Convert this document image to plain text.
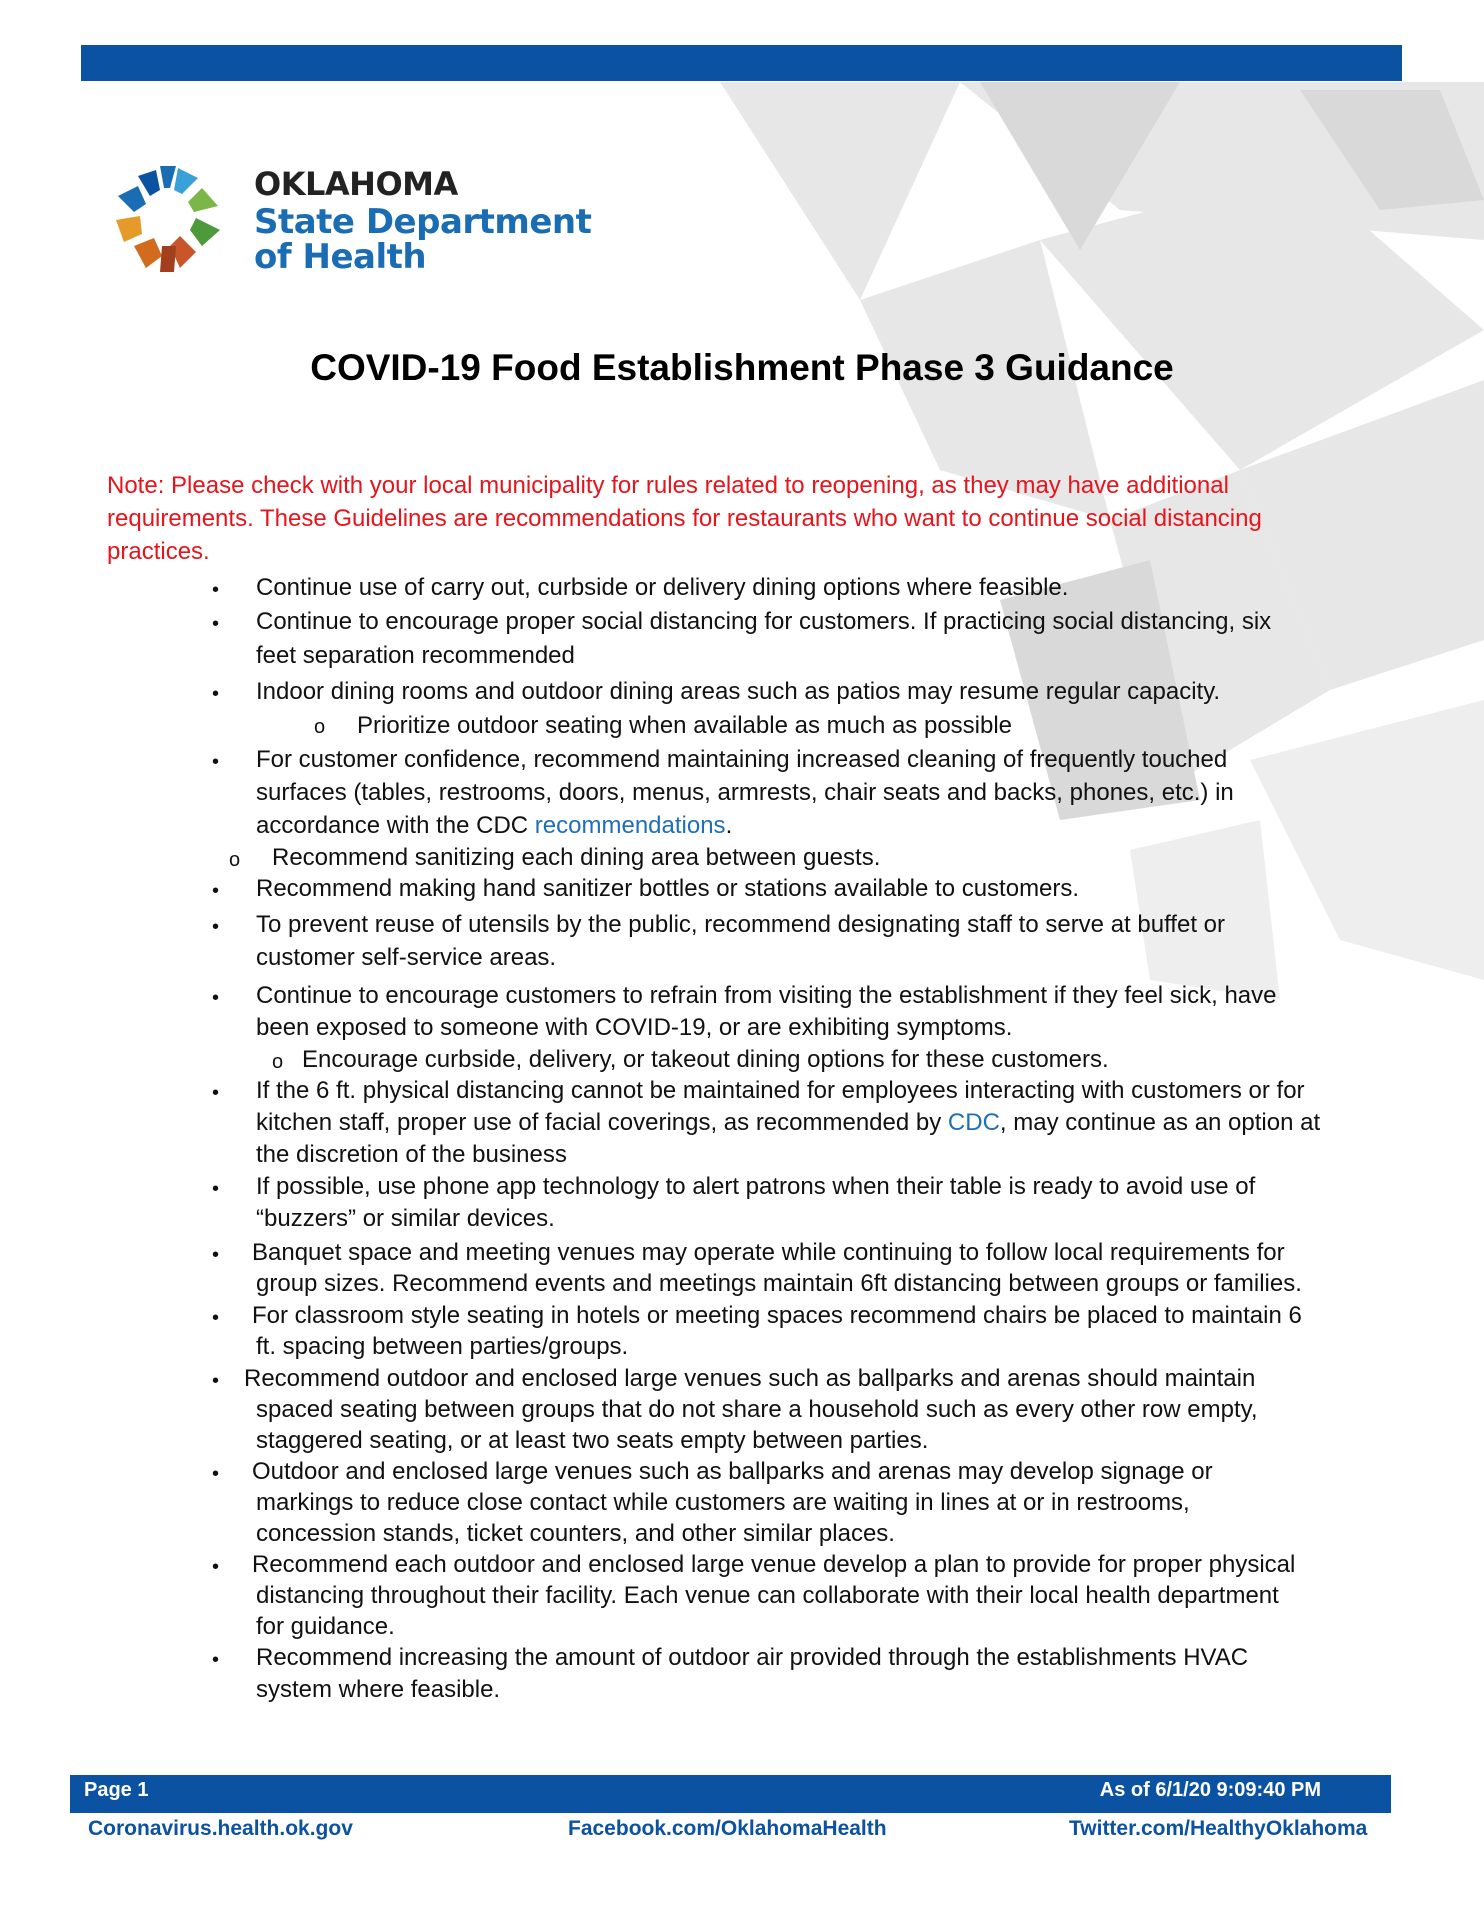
OKLAHOMA
State Department
of Health
COVID-19 Food Establishment Phase 3 Guidance
Note: Please check with your local municipality for rules related to reopening, as they may have additional requirements. These Guidelines are recommendations for restaurants who want to continue social distancing practices.
• Continue use of carry out, curbside or delivery dining options where feasible.
• Continue to encourage proper social distancing for customers. If practicing social distancing, six
feet separation recommended
• Indoor dining rooms and outdoor dining areas such as patios may resume regular capacity.
o Prioritize outdoor seating when available as much as possible
• For customer confidence, recommend maintaining increased cleaning of frequently touched
surfaces (tables, restrooms, doors, menus, armrests, chair seats and backs, phones, etc.) in
accordance with the CDC recommendations.
o Recommend sanitizing each dining area between guests.
• Recommend making hand sanitizer bottles or stations available to customers.
• To prevent reuse of utensils by the public, recommend designating staff to serve at buffet or
customer self-service areas.
• Continue to encourage customers to refrain from visiting the establishment if they feel sick, have
been exposed to someone with COVID-19, or are exhibiting symptoms.
o Encourage curbside, delivery, or takeout dining options for these customers.
• If the 6 ft. physical distancing cannot be maintained for employees interacting with customers or for
kitchen staff, proper use of facial coverings, as recommended by CDC, may continue as an option at
the discretion of the business
• If possible, use phone app technology to alert patrons when their table is ready to avoid use of
“buzzers” or similar devices.
• Banquet space and meeting venues may operate while continuing to follow local requirements for
group sizes. Recommend events and meetings maintain 6ft distancing between groups or families.
• For classroom style seating in hotels or meeting spaces recommend chairs be placed to maintain 6
ft. spacing between parties/groups.
• Recommend outdoor and enclosed large venues such as ballparks and arenas should maintain
spaced seating between groups that do not share a household such as every other row empty,
staggered seating, or at least two seats empty between parties.
• Outdoor and enclosed large venues such as ballparks and arenas may develop signage or
markings to reduce close contact while customers are waiting in lines at or in restrooms,
concession stands, ticket counters, and other similar places.
• Recommend each outdoor and enclosed large venue develop a plan to provide for proper physical
distancing throughout their facility. Each venue can collaborate with their local health department
for guidance.
• Recommend increasing the amount of outdoor air provided through the establishments HVAC
system where feasible.
Page 1	As of 6/1/20 9:09:40 PM
Coronavirus.health.ok.gov	Facebook.com/OklahomaHealth	Twitter.com/HealthyOklahoma
